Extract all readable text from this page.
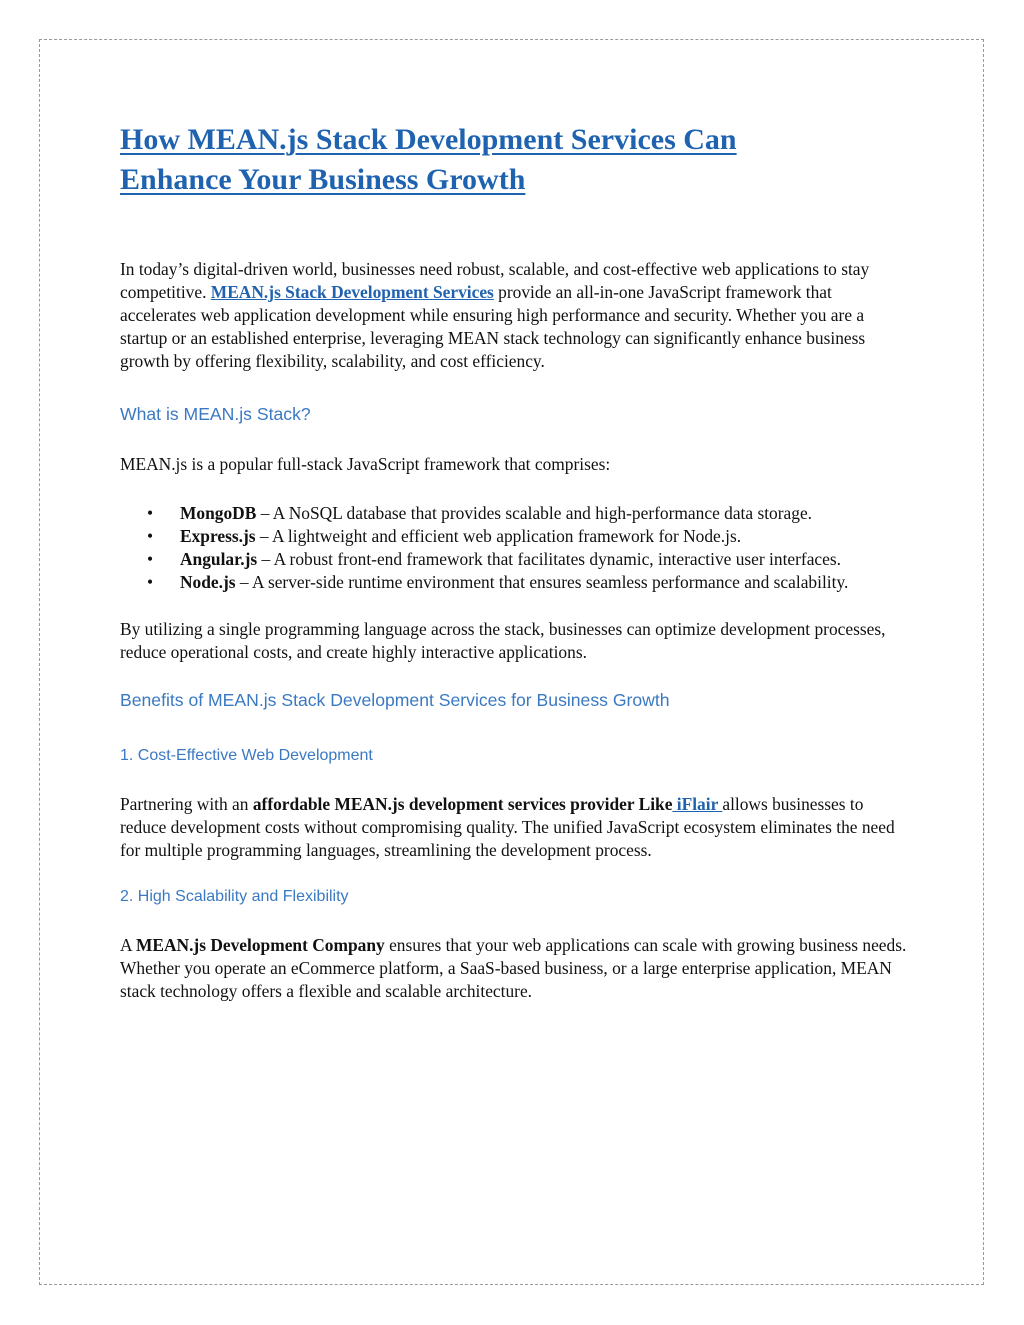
How MEAN.js Stack Development Services Can
Enhance Your Business Growth

In today’s digital-driven world, businesses need robust, scalable, and cost-effective web applications to stay competitive. MEAN.js Stack Development Services provide an all-in-one JavaScript framework that accelerates web application development while ensuring high performance and security. Whether you are a startup or an established enterprise, leveraging MEAN stack technology can significantly enhance business growth by offering flexibility, scalability, and cost efficiency.

What is MEAN.js Stack?

MEAN.js is a popular full-stack JavaScript framework that comprises:

• MongoDB – A NoSQL database that provides scalable and high-performance data storage.
• Express.js – A lightweight and efficient web application framework for Node.js.
• Angular.js – A robust front-end framework that facilitates dynamic, interactive user interfaces.
• Node.js – A server-side runtime environment that ensures seamless performance and scalability.

By utilizing a single programming language across the stack, businesses can optimize development processes, reduce operational costs, and create highly interactive applications.

Benefits of MEAN.js Stack Development Services for Business Growth
1. Cost-Effective Web Development

Partnering with an affordable MEAN.js development services provider Like iFlair allows businesses to reduce development costs without compromising quality. The unified JavaScript ecosystem eliminates the need for multiple programming languages, streamlining the development process.

2. High Scalability and Flexibility

A MEAN.js Development Company ensures that your web applications can scale with growing business needs. Whether you operate an eCommerce platform, a SaaS-based business, or a large enterprise application, MEAN stack technology offers a flexible and scalable architecture.
